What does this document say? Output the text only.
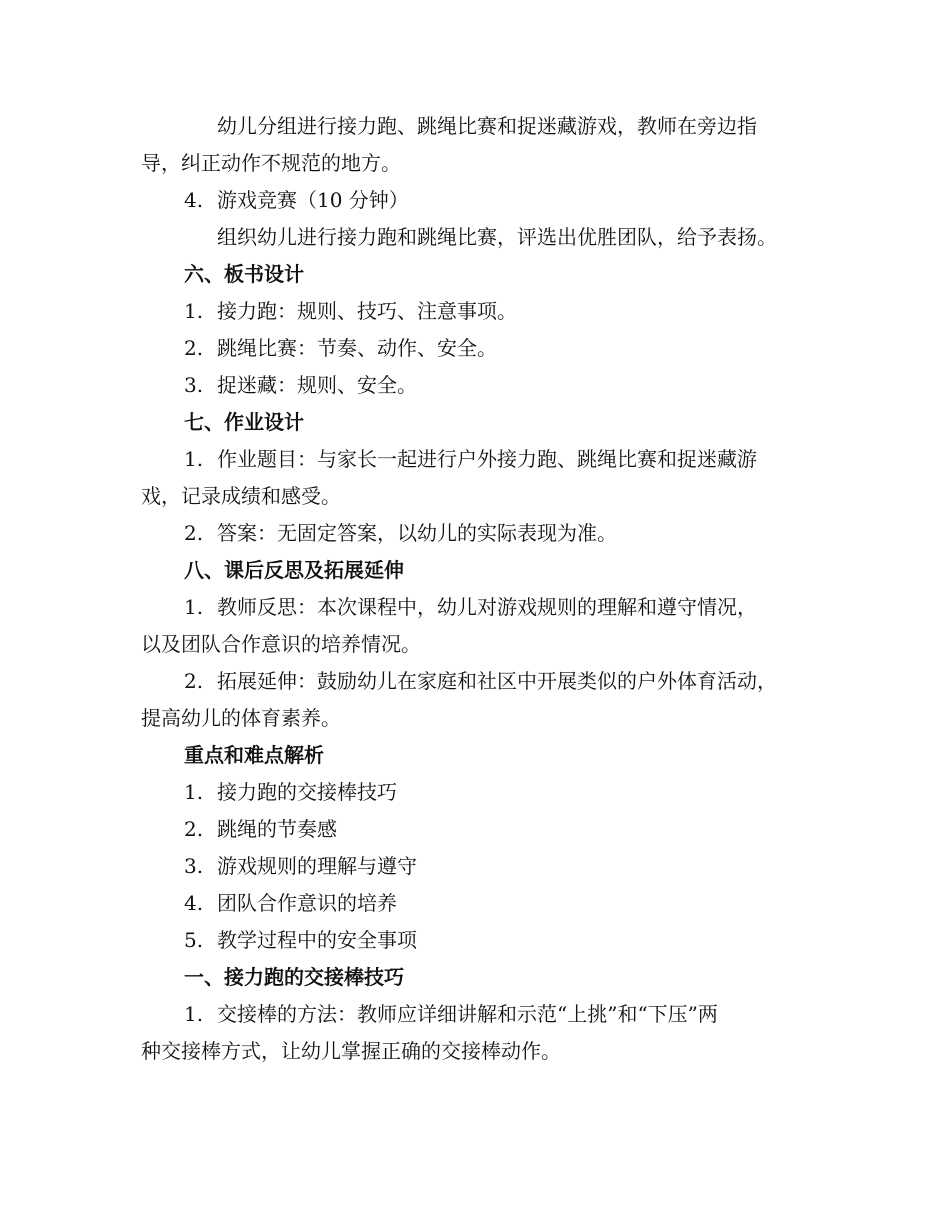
幼儿分组进行接力跑、跳绳比赛和捉迷藏游戏，教师在旁边指
导，纠正动作不规范的地方。
4. 游戏竞赛（10 分钟）
组织幼儿进行接力跑和跳绳比赛，评选出优胜团队，给予表扬。
六、板书设计
1. 接力跑：规则、技巧、注意事项。
2. 跳绳比赛：节奏、动作、安全。
3. 捉迷藏：规则、安全。
七、作业设计
1. 作业题目：与家长一起进行户外接力跑、跳绳比赛和捉迷藏游
戏，记录成绩和感受。
2. 答案：无固定答案，以幼儿的实际表现为准。
八、课后反思及拓展延伸
1. 教师反思：本次课程中，幼儿对游戏规则的理解和遵守情况，
以及团队合作意识的培养情况。
2. 拓展延伸：鼓励幼儿在家庭和社区中开展类似的户外体育活动，
提高幼儿的体育素养。
重点和难点解析
1. 接力跑的交接棒技巧
2. 跳绳的节奏感
3. 游戏规则的理解与遵守
4. 团队合作意识的培养
5. 教学过程中的安全事项
一、接力跑的交接棒技巧
1. 交接棒的方法：教师应详细讲解和示范“上挑”和“下压”两
种交接棒方式，让幼儿掌握正确的交接棒动作。
